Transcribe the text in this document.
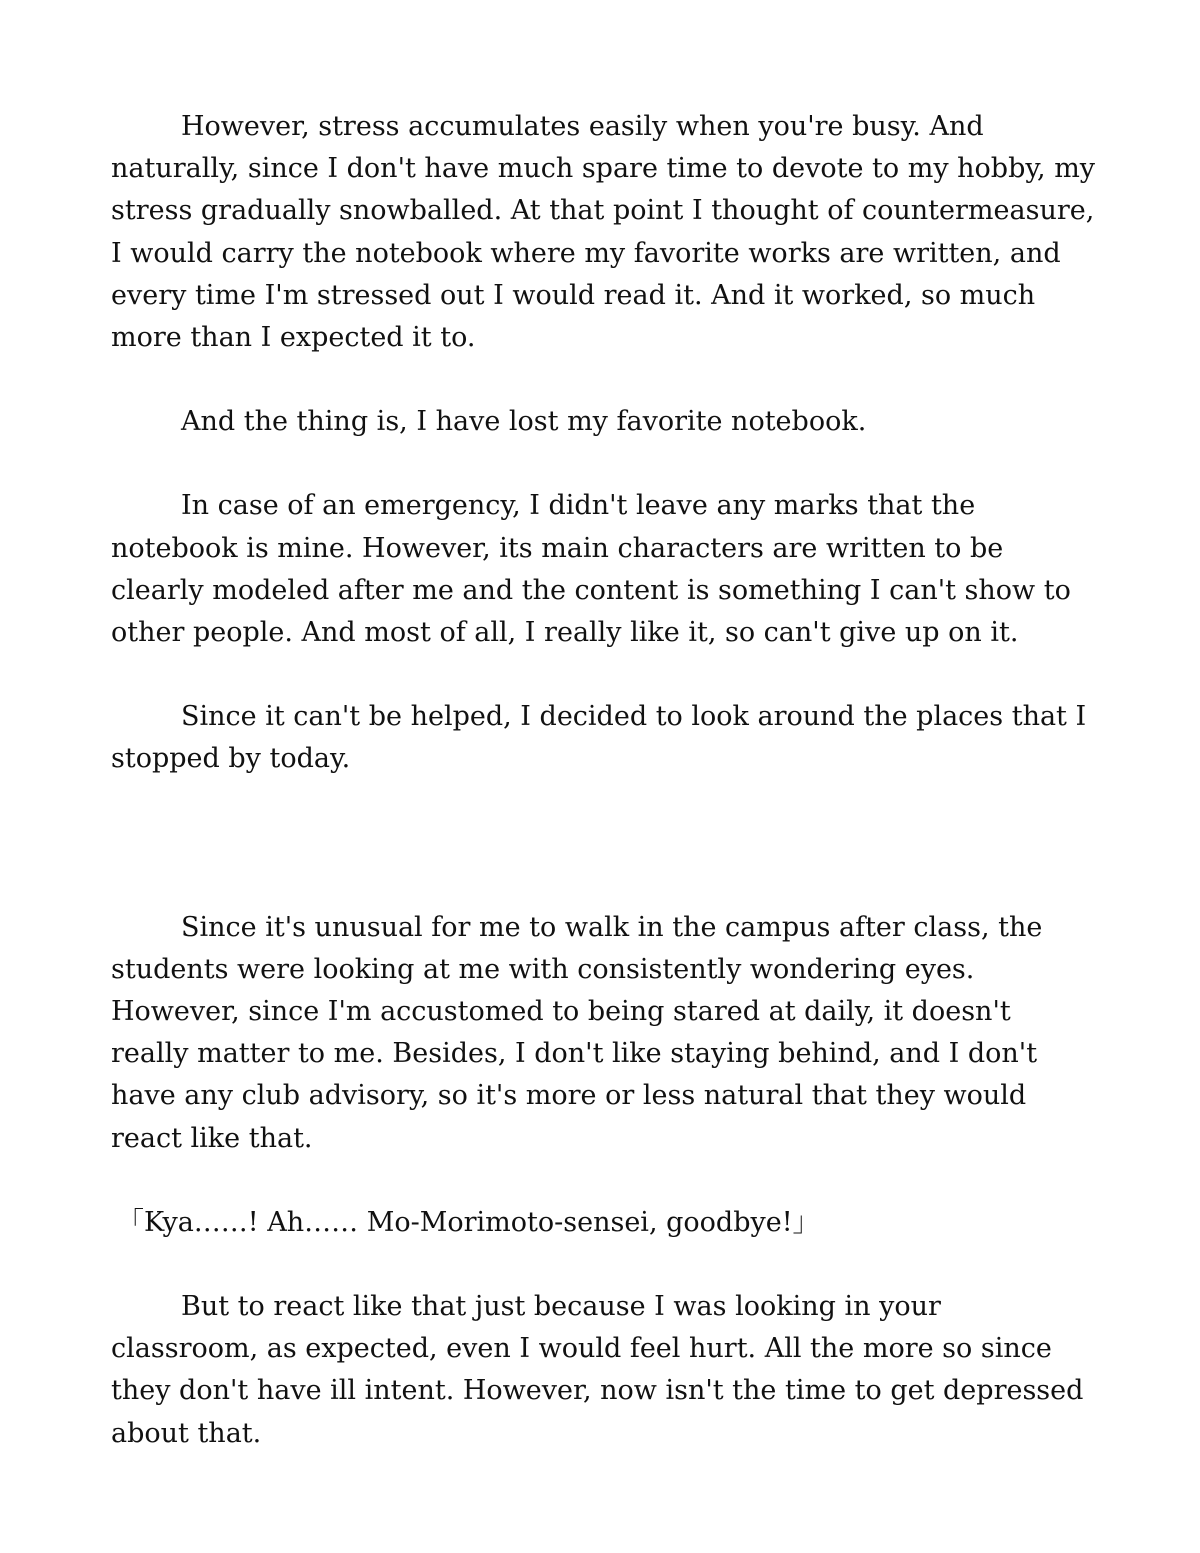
However, stress accumulates easily when you're busy. And naturally, since I don't have much spare time to devote to my hobby, my stress gradually snowballed. At that point I thought of countermeasure, I would carry the notebook where my favorite works are written, and every time I'm stressed out I would read it. And it worked, so much more than I expected it to.

And the thing is, I have lost my favorite notebook.

In case of an emergency, I didn't leave any marks that the notebook is mine. However, its main characters are written to be clearly modeled after me and the content is something I can't show to other people. And most of all, I really like it, so can't give up on it.

Since it can't be helped, I decided to look around the places that I stopped by today.

Since it's unusual for me to walk in the campus after class, the students were looking at me with consistently wondering eyes. However, since I'm accustomed to being stared at daily, it doesn't really matter to me. Besides, I don't like staying behind, and I don't have any club advisory, so it's more or less natural that they would react like that.

「Kya……! Ah…… Mo-Morimoto-sensei, goodbye!」

But to react like that just because I was looking in your classroom, as expected, even I would feel hurt. All the more so since they don't have ill intent. However, now isn't the time to get depressed about that.
